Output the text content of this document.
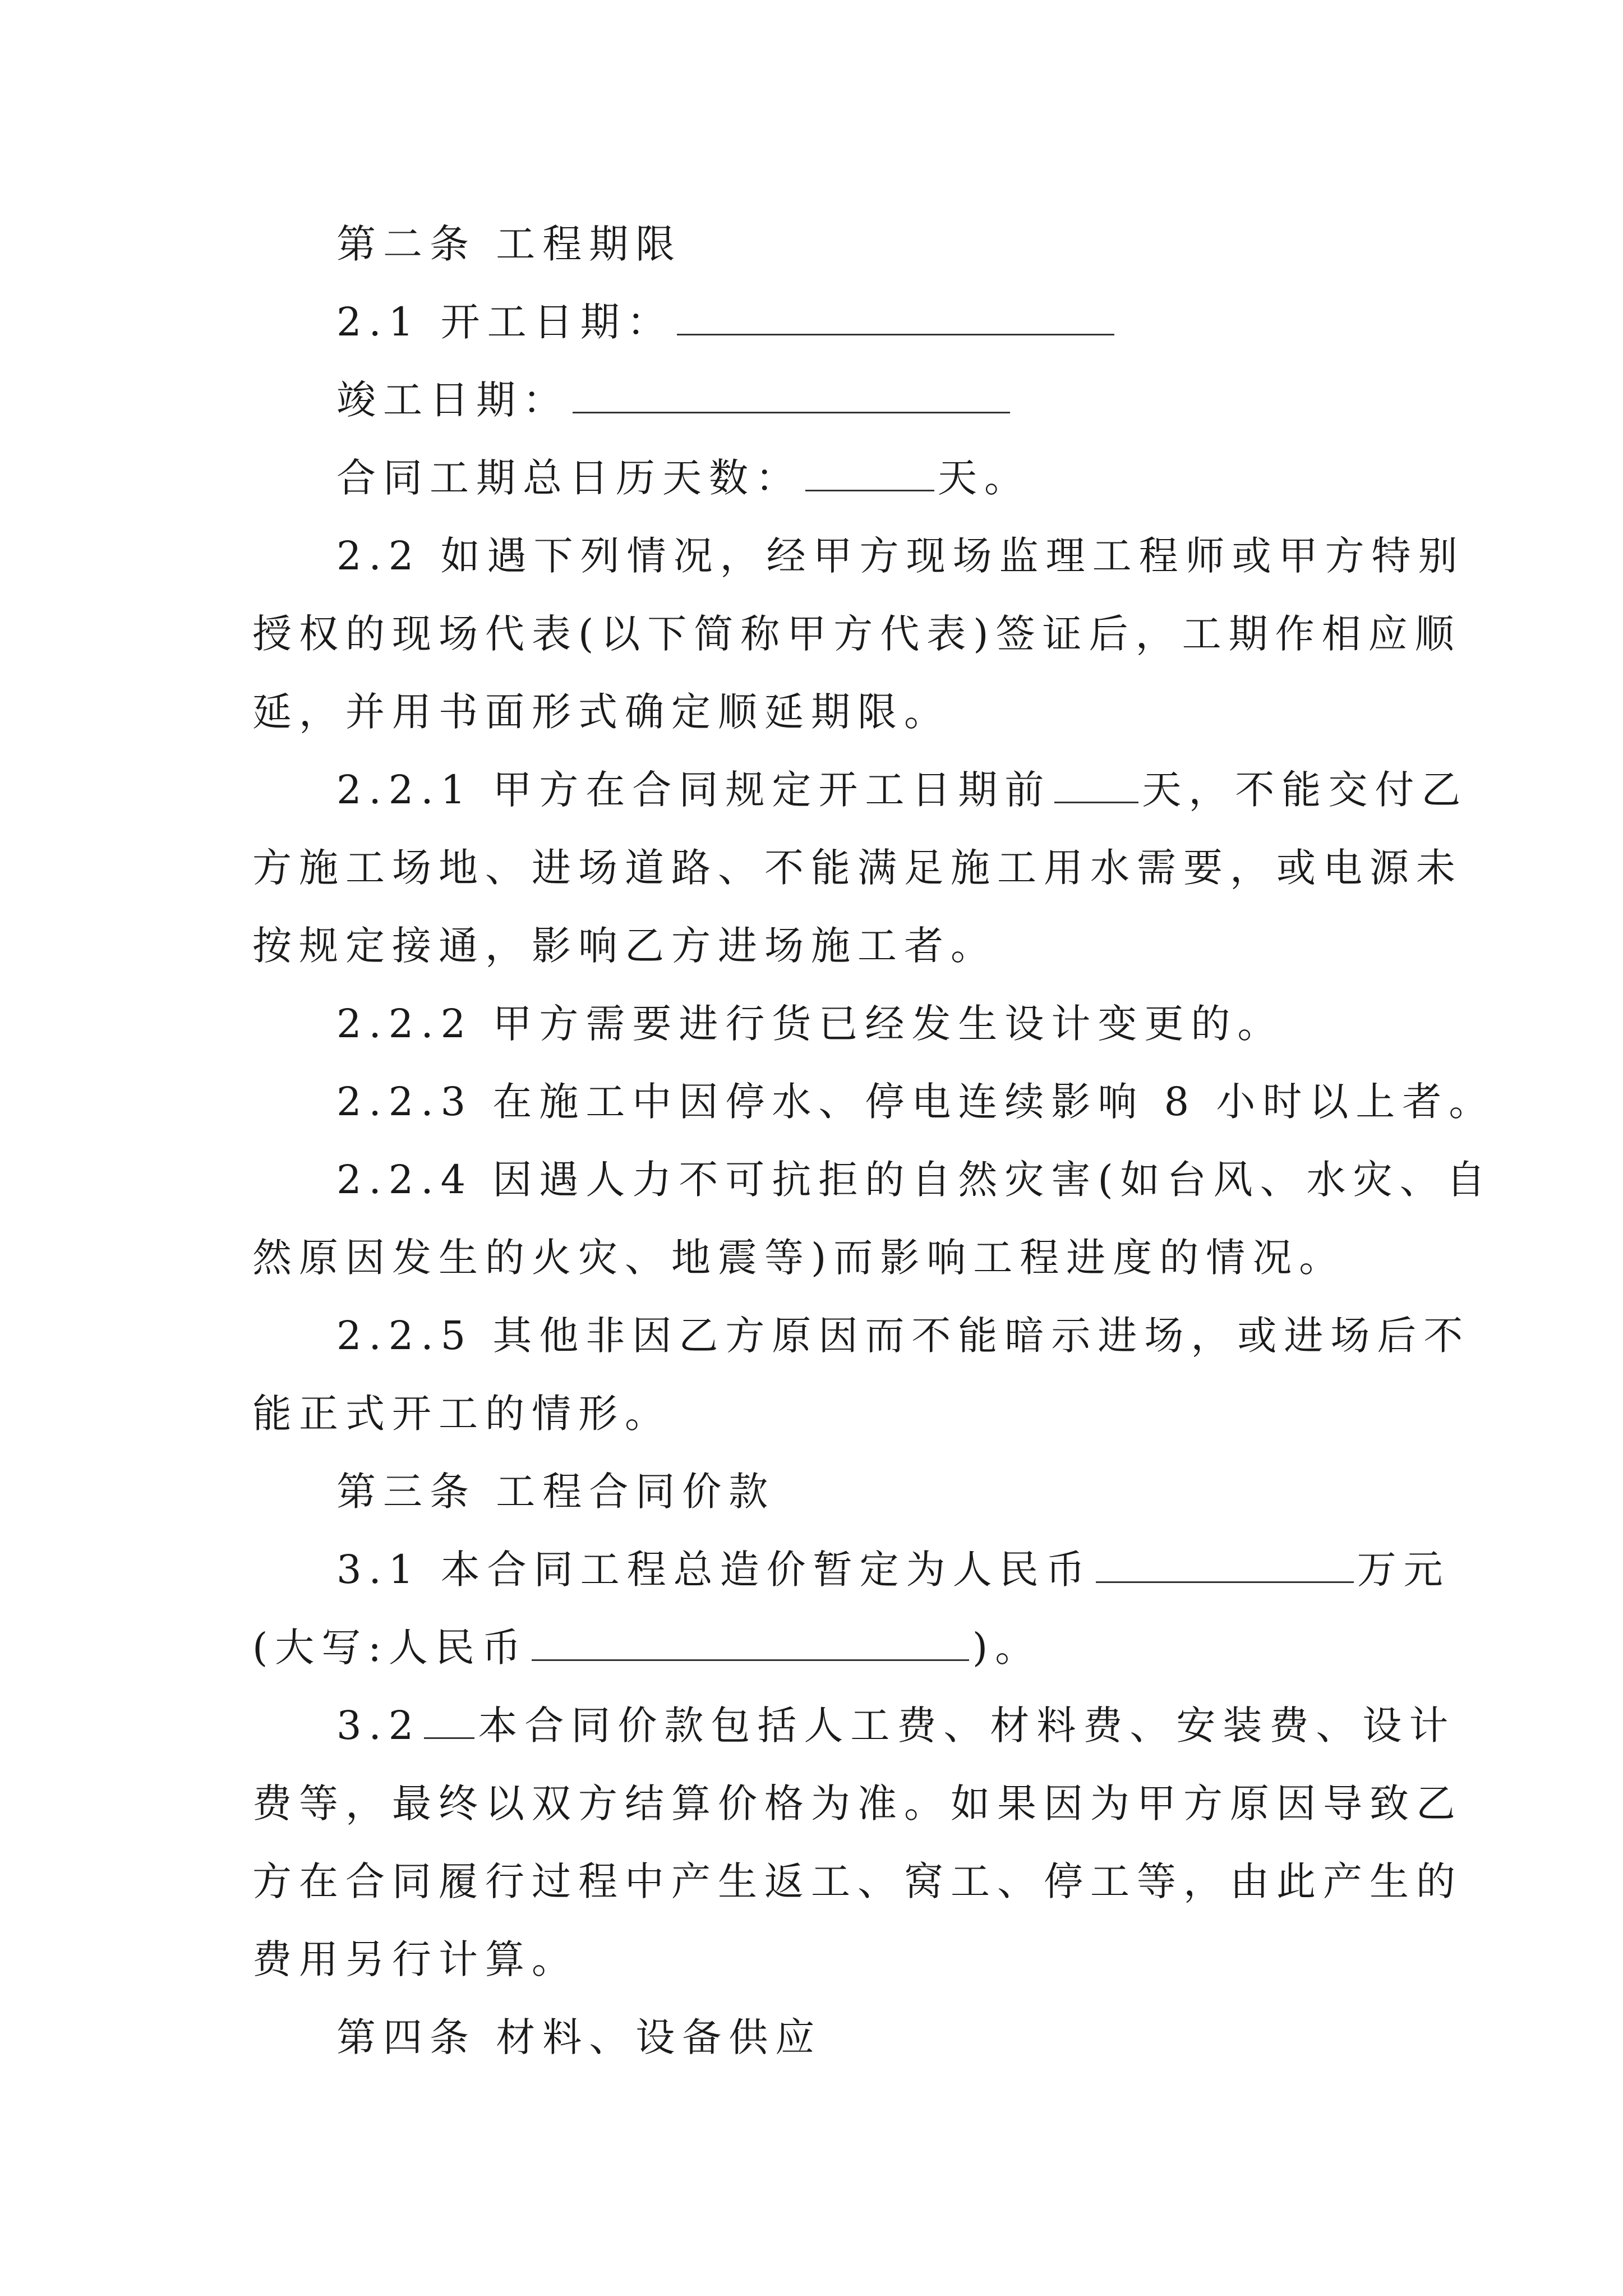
第二条 工程期限
2.1 开工日期：
竣工日期：
合同工期总日历天数：	天。
2.2 如遇下列情况，经甲方现场监理工程师或甲方特别
授权的现场代表(以下简称甲方代表)签证后，工期作相应顺
延，并用书面形式确定顺延期限。
2.2.1 甲方在合同规定开工日期前 天，不能交付乙
方施工场地、进场道路、不能满足施工用水需要，或电源未
按规定接通，影响乙方进场施工者。
2.2.2 甲方需要进行货已经发生设计变更的。
2.2.3 在施工中因停水、停电连续影响 8 小时以上者。
2.2.4 因遇人力不可抗拒的自然灾害(如台风、水灾、自
然原因发生的火灾、地震等)而影响工程进度的情况。
2.2.5 其他非因乙方原因而不能暗示进场，或进场后不
能正式开工的情形。
第三条 工程合同价款
3.1 本合同工程总造价暂定为人民币	万元
(大写:人民币	)。
3.2 本合同价款包括人工费、材料费、安装费、设计
费等，最终以双方结算价格为准。如果因为甲方原因导致乙
方在合同履行过程中产生返工、窝工、停工等，由此产生的
费用另行计算。
第四条 材料、设备供应
